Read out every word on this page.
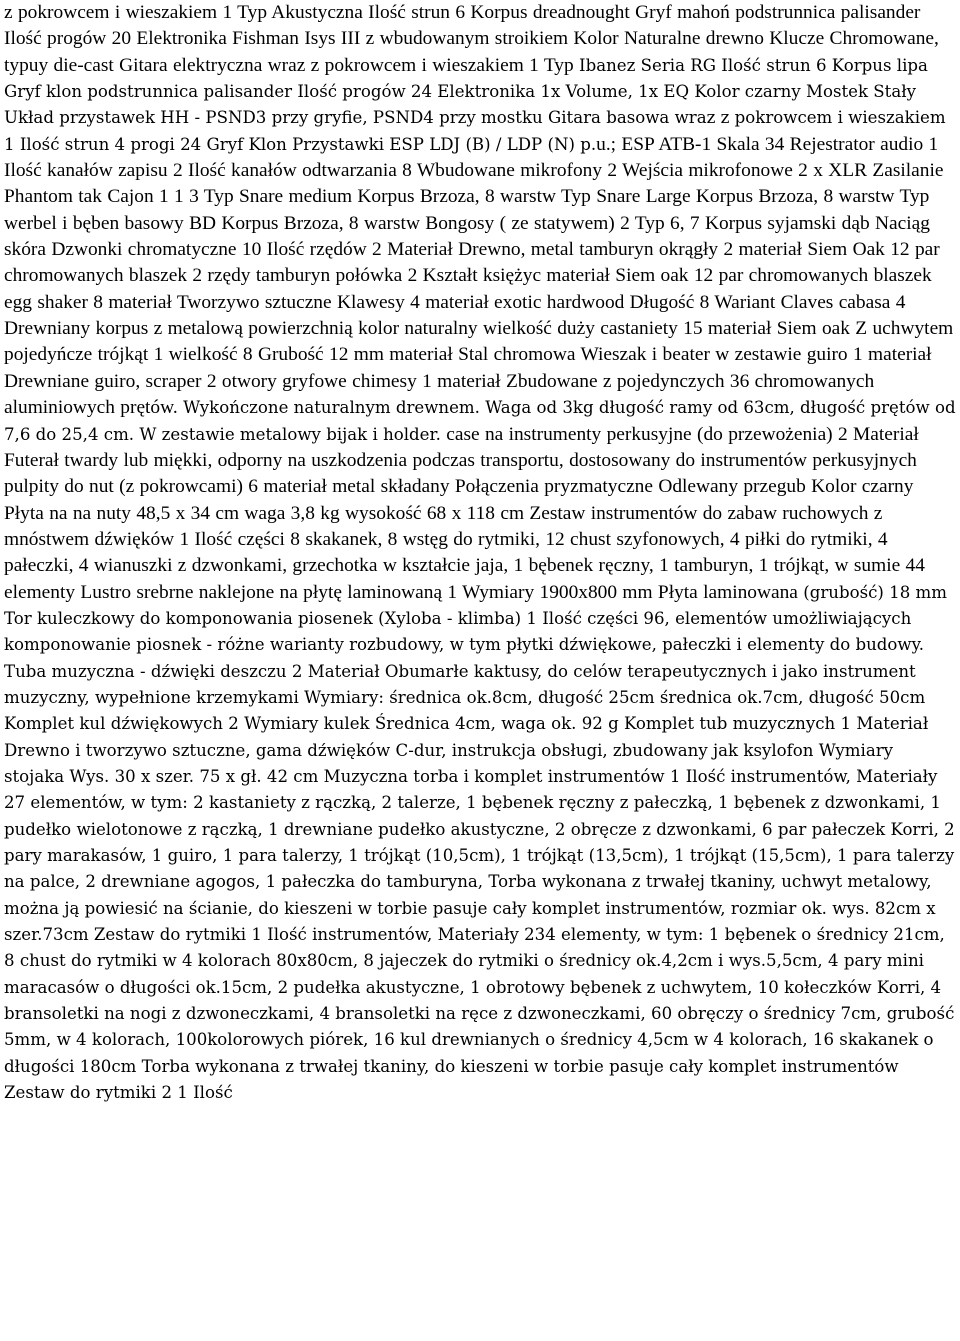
z pokrowcem i wieszakiem 1 Typ Akustyczna Ilość strun 6 Korpus dreadnought Gryf mahoń podstrunnica palisander Ilość progów 20 Elektronika Fishman Isys III z wbudowanym stroikiem Kolor Naturalne drewno Klucze Chromowane, typuy die-cast Gitara elektryczna wraz z pokrowcem i wieszakiem 1 Typ Ibanez Seria RG Ilość strun 6 Korpus lipa Gryf klon podstrunnica palisander Ilość progów 24 Elektronika 1x Volume, 1x EQ Kolor czarny Mostek Stały Układ przystawek HH - PSND3 przy gryfie, PSND4 przy mostku Gitara basowa wraz z pokrowcem i wieszakiem 1 Ilość strun 4 progi 24 Gryf Klon Przystawki ESP LDJ (B) / LDP (N) p.u.; ESP ATB-1 Skala 34 Rejestrator audio 1 Ilość kanałów zapisu 2 Ilość kanałów odtwarzania 8 Wbudowane mikrofony 2 Wejścia mikrofonowe 2 x XLR Zasilanie Phantom tak Cajon 1 1 3 Typ Snare medium Korpus Brzoza, 8 warstw Typ Snare Large Korpus Brzoza, 8 warstw Typ werbel i bęben basowy BD Korpus Brzoza, 8 warstw Bongosy ( ze statywem) 2 Typ 6, 7 Korpus syjamski dąb Naciąg skóra Dzwonki chromatyczne 10 Ilość rzędów 2 Materiał Drewno, metal tamburyn okrągły 2 materiał Siem Oak 12 par chromowanych blaszek 2 rzędy tamburyn połówka 2 Kształt księżyc materiał Siem oak 12 par chromowanych blaszek egg shaker 8 materiał Tworzywo sztuczne Klawesy 4 materiał exotic hardwood Długość 8 Wariant Claves cabasa 4 Drewniany korpus z metalową powierzchnią kolor naturalny wielkość duży castaniety 15 materiał Siem oak Z uchwytem pojedyńcze trójkąt 1 wielkość 8 Grubość 12 mm materiał Stal chromowa Wieszak i beater w zestawie guiro 1 materiał Drewniane guiro, scraper 2 otwory gryfowe chimesy 1 materiał Zbudowane z pojedynczych 36 chromowanych aluminiowych prętów. Wykończone naturalnym drewnem. Waga od 3kg długość ramy od 63cm, długość prętów od 7,6 do 25,4 cm. W zestawie metalowy bijak i holder. case na instrumenty perkusyjne (do przewożenia) 2 Materiał Futerał twardy lub miękki, odporny na uszkodzenia podczas transportu, dostosowany do instrumentów perkusyjnych pulpity do nut (z pokrowcami) 6 materiał metal składany Połączenia pryzmatyczne Odlewany przegub Kolor czarny Płyta na na nuty 48,5 x 34 cm waga 3,8 kg wysokość 68 x 118 cm Zestaw instrumentów do zabaw ruchowych z mnóstwem dźwięków 1 Ilość części 8 skakanek, 8 wstęg do rytmiki, 12 chust szyfonowych, 4 piłki do rytmiki, 4 pałeczki, 4 wianuszki z dzwonkami, grzechotka w kształcie jaja, 1 bębenek ręczny, 1 tamburyn, 1 trójkąt, w sumie 44 elementy Lustro srebrne naklejone na płytę laminowaną 1 Wymiary 1900x800 mm Płyta laminowana (grubość) 18 mm Tor kuleczkowy do komponowania piosenek (Xyloba - klimba) 1 Ilość części 96, elementów umożliwiających komponowanie piosnek - różne warianty rozbudowy, w tym płytki dźwiękowe, pałeczki i elementy do budowy. Tuba muzyczna - dźwięki deszczu 2 Materiał Obumarłe kaktusy, do celów terapeutycznych i jako instrument muzyczny, wypełnione krzemykami Wymiary: średnica ok.8cm, długość 25cm średnica ok.7cm, długość 50cm Komplet kul dźwiękowych 2 Wymiary kulek Średnica 4cm, waga ok. 92 g Komplet tub muzycznych 1 Materiał Drewno i tworzywo sztuczne, gama dźwięków C-dur, instrukcja obsługi, zbudowany jak ksylofon Wymiary stojaka Wys. 30 x szer. 75 x gł. 42 cm Muzyczna torba i komplet instrumentów 1 Ilość instrumentów, Materiały 27 elementów, w tym: 2 kastaniety z rączką, 2 talerze, 1 bębenek ręczny z pałeczką, 1 bębenek z dzwonkami, 1 pudełko wielotonowe z rączką, 1 drewniane pudełko akustyczne, 2 obręcze z dzwonkami, 6 par pałeczek Korri, 2 pary marakasów, 1 guiro, 1 para talerzy, 1 trójkąt (10,5cm), 1 trójkąt (13,5cm), 1 trójkąt (15,5cm), 1 para talerzy na palce, 2 drewniane agogos, 1 pałeczka do tamburyna, Torba wykonana z trwałej tkaniny, uchwyt metalowy, można ją powiesić na ścianie, do kieszeni w torbie pasuje cały komplet instrumentów, rozmiar ok. wys. 82cm x szer.73cm Zestaw do rytmiki 1 Ilość instrumentów, Materiały 234 elementy, w tym: 1 bębenek o średnicy 21cm, 8 chust do rytmiki w 4 kolorach 80x80cm, 8 jajeczek do rytmiki o średnicy ok.4,2cm i wys.5,5cm, 4 pary mini maracasów o długości ok.15cm, 2 pudełka akustyczne, 1 obrotowy bębenek z uchwytem, 10 kołeczków Korri, 4 bransoletki na nogi z dzwoneczkami, 4 bransoletki na ręce z dzwoneczkami, 60 obręczy o średnicy 7cm, grubość 5mm, w 4 kolorach, 100kolorowych piórek, 16 kul drewnianych o średnicy 4,5cm w 4 kolorach, 16 skakanek o długości 180cm Torba wykonana z trwałej tkaniny, do kieszeni w torbie pasuje cały komplet instrumentów Zestaw do rytmiki 2 1 Ilość
